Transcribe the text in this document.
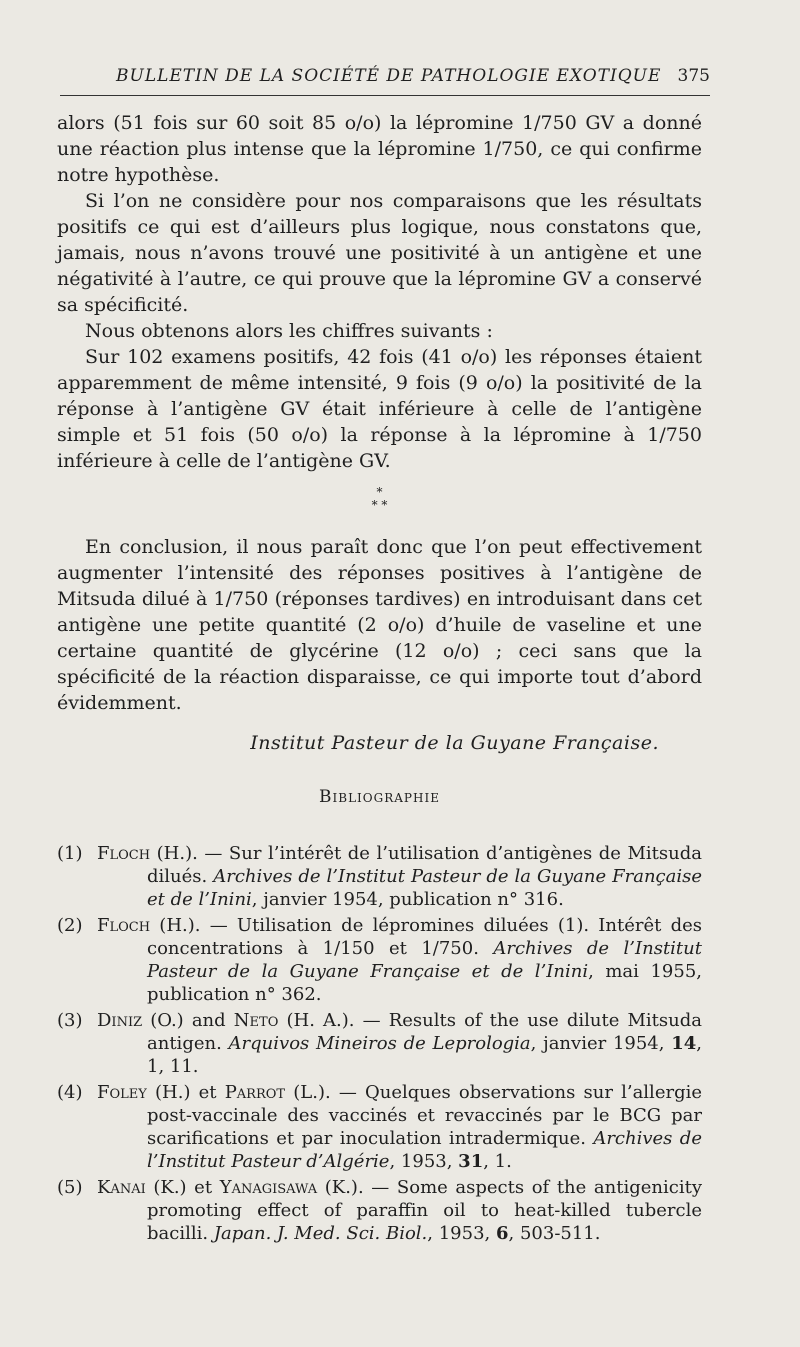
BULLETIN DE LA SOCIÉTÉ DE PATHOLOGIE EXOTIQUE 375

alors (51 fois sur 60 soit 85 o/o) la lépromine 1/750 GV a donné une réaction plus intense que la lépromine 1/750, ce qui confirme notre hypothèse.

Si l’on ne considère pour nos comparaisons que les résultats positifs ce qui est d’ailleurs plus logique, nous constatons que, jamais, nous n’avons trouvé une positivité à un antigène et une négativité à l’autre, ce qui prouve que la lépromine GV a conservé sa spécificité.

Nous obtenons alors les chiffres suivants :

Sur 102 examens positifs, 42 fois (41 o/o) les réponses étaient apparemment de même intensité, 9 fois (9 o/o) la positivité de la réponse à l’antigène GV était inférieure à celle de l’antigène simple et 51 fois (50 o/o) la réponse à la lépromine à 1/750 inférieure à celle de l’antigène GV.

*
* *

En conclusion, il nous paraît donc que l’on peut effectivement augmenter l’intensité des réponses positives à l’antigène de Mitsuda dilué à 1/750 (réponses tardives) en introduisant dans cet antigène une petite quantité (2 o/o) d’huile de vaseline et une certaine quantité de glycérine (12 o/o) ; ceci sans que la spécificité de la réaction disparaisse, ce qui importe tout d’abord évidemment.

Institut Pasteur de la Guyane Française.

Bibliographie

(1) Floch (H.). — Sur l’intérêt de l’utilisation d’antigènes de Mitsuda dilués. Archives de l’Institut Pasteur de la Guyane Française et de l’Inini, janvier 1954, publication n° 316.

(2) Floch (H.). — Utilisation de lépromines diluées (1). Intérêt des concentrations à 1/150 et 1/750. Archives de l’Institut Pasteur de la Guyane Française et de l’Inini, mai 1955, publication n° 362.

(3) Diniz (O.) and Neto (H. A.). — Results of the use dilute Mitsuda antigen. Arquivos Mineiros de Leprologia, janvier 1954, 14, 1, 11.

(4) Foley (H.) et Parrot (L.). — Quelques observations sur l’allergie post-vaccinale des vaccinés et revaccinés par le BCG par scarifications et par inoculation intradermique. Archives de l’Institut Pasteur d’Algérie, 1953, 31, 1.

(5) Kanai (K.) et Yanagisawa (K.). — Some aspects of the antigenicity promoting effect of paraffin oil to heat-killed tubercle bacilli. Japan. J. Med. Sci. Biol., 1953, 6, 503-511.
